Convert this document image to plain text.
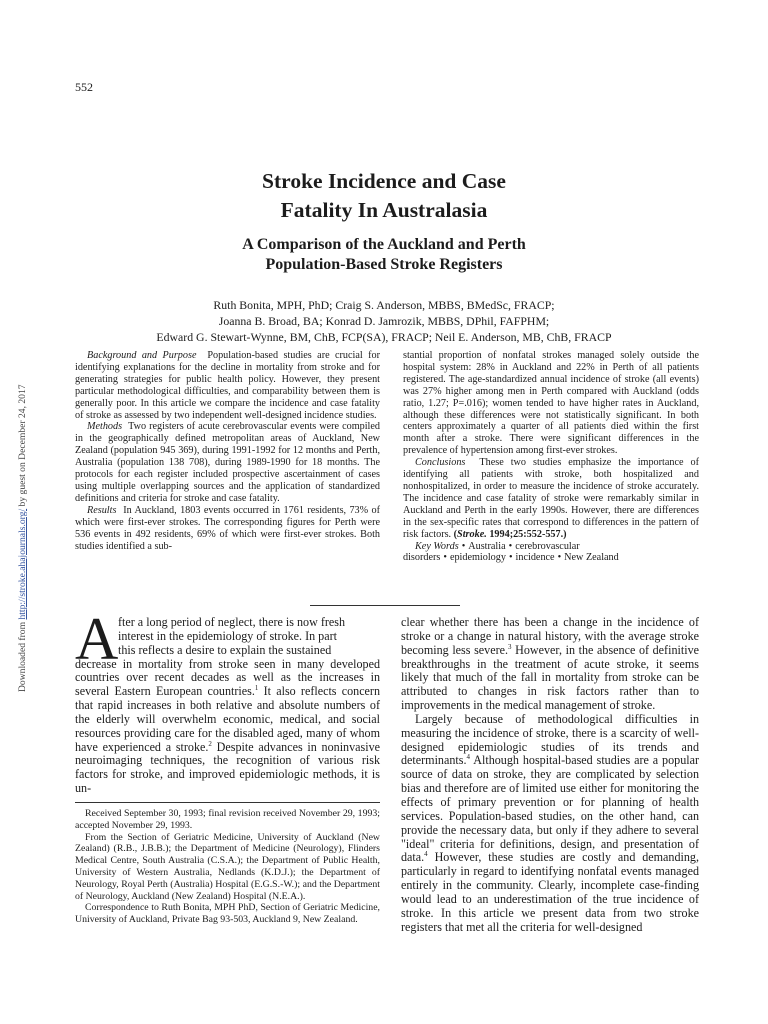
552
Downloaded from http://stroke.ahajournals.org/ by guest on December 24, 2017

Stroke Incidence and Case

Fatality In Australasia

A Comparison of the Auckland and Perth

Population-Based Stroke Registers

Ruth Bonita, MPH, PhD; Craig S. Anderson, MBBS, BMedSc, FRACP;

Joanna B. Broad, BA; Konrad D. Jamrozik, MBBS, DPhil, FAFPHM;

Edward G. Stewart-Wynne, BM, ChB, FCP(SA), FRACP; Neil E. Anderson, MB, ChB, FRACP

Background and Purpose Population-based studies are crucial for identifying explanations for the decline in mortality from stroke and for generating strategies for public health policy. However, they present particular methodological difficulties, and comparability between them is generally poor. In this article we compare the incidence and case fatality of stroke as assessed by two independent well-designed incidence studies.

Methods Two registers of acute cerebrovascular events were compiled in the geographically defined metropolitan areas of Auckland, New Zealand (population 945 369), during 1991-1992 for 12 months and Perth, Australia (population 138 708), during 1989-1990 for 18 months. The protocols for each register included prospective ascertainment of cases using multiple overlapping sources and the application of standardized definitions and criteria for stroke and case fatality.

Results In Auckland, 1803 events occurred in 1761 residents, 73% of which were first-ever strokes. The corresponding figures for Perth were 536 events in 492 residents, 69% of which were first-ever strokes. Both studies identified a sub-

stantial proportion of nonfatal strokes managed solely outside the hospital system: 28% in Auckland and 22% in Perth of all patients registered. The age-standardized annual incidence of stroke (all events) was 27% higher among men in Perth compared with Auckland (odds ratio, 1.27; P=.016); women tended to have higher rates in Auckland, although these differences were not statistically significant. In both centers approximately a quarter of all patients died within the first month after a stroke. There were significant differences in the prevalence of hypertension among first-ever strokes.

Conclusions These two studies emphasize the importance of identifying all patients with stroke, both hospitalized and nonhospitalized, in order to measure the incidence of stroke accurately. The incidence and case fatality of stroke were remarkably similar in Auckland and Perth in the early 1990s. However, there are differences in the sex-specific rates that correspond to differences in the pattern of risk factors. (Stroke. 1994;25:552-557.)

Key Words • Australia • cerebrovascular disorders • epidemiology • incidence • New Zealand

A fter a long period of neglect, there is now fresh
interest in the epidemiology of stroke. In part
this reflects a desire to explain the sustained
decrease in mortality from stroke seen in many developed countries over recent decades as well as the increases in several Eastern European countries.$^1$ It also reflects concern that rapid increases in both relative and absolute numbers of the elderly will overwhelm economic, medical, and social resources providing care for the disabled aged, many of whom have experienced a stroke.$^2$ Despite advances in noninvasive neuroimaging techniques, the recognition of various risk factors for stroke, and improved epidemiologic methods, it is un-

Received September 30, 1993; final revision received November 29, 1993; accepted November 29, 1993.

From the Section of Geriatric Medicine, University of Auckland (New Zealand) (R.B., J.B.B.); the Department of Medicine (Neurology), Flinders Medical Centre, South Australia (C.S.A.); the Department of Public Health, University of Western Australia, Nedlands (K.D.J.); the Department of Neurology, Royal Perth (Australia) Hospital (E.G.S.-W.); and the Department of Neurology, Auckland (New Zealand) Hospital (N.E.A.).

Correspondence to Ruth Bonita, MPH PhD, Section of Geriatric Medicine, University of Auckland, Private Bag 93-503, Auckland 9, New Zealand.

clear whether there has been a change in the incidence of stroke or a change in natural history, with the average stroke becoming less severe.$^3$ However, in the absence of definitive breakthroughs in the treatment of acute stroke, it seems likely that much of the fall in mortality from stroke can be attributed to changes in risk factors rather than to improvements in the medical management of stroke.

Largely because of methodological difficulties in measuring the incidence of stroke, there is a scarcity of well-designed epidemiologic studies of its trends and determinants.$^4$ Although hospital-based studies are a popular source of data on stroke, they are complicated by selection bias and therefore are of limited use either for monitoring the effects of primary prevention or for planning of health services. Population-based studies, on the other hand, can provide the necessary data, but only if they adhere to several "ideal" criteria for definitions, design, and presentation of data.$^4$ However, these studies are costly and demanding, particularly in regard to identifying nonfatal events managed entirely in the community. Clearly, incomplete case-finding would lead to an underestimation of the true incidence of stroke. In this article we present data from two stroke registers that met all the criteria for well-designed
